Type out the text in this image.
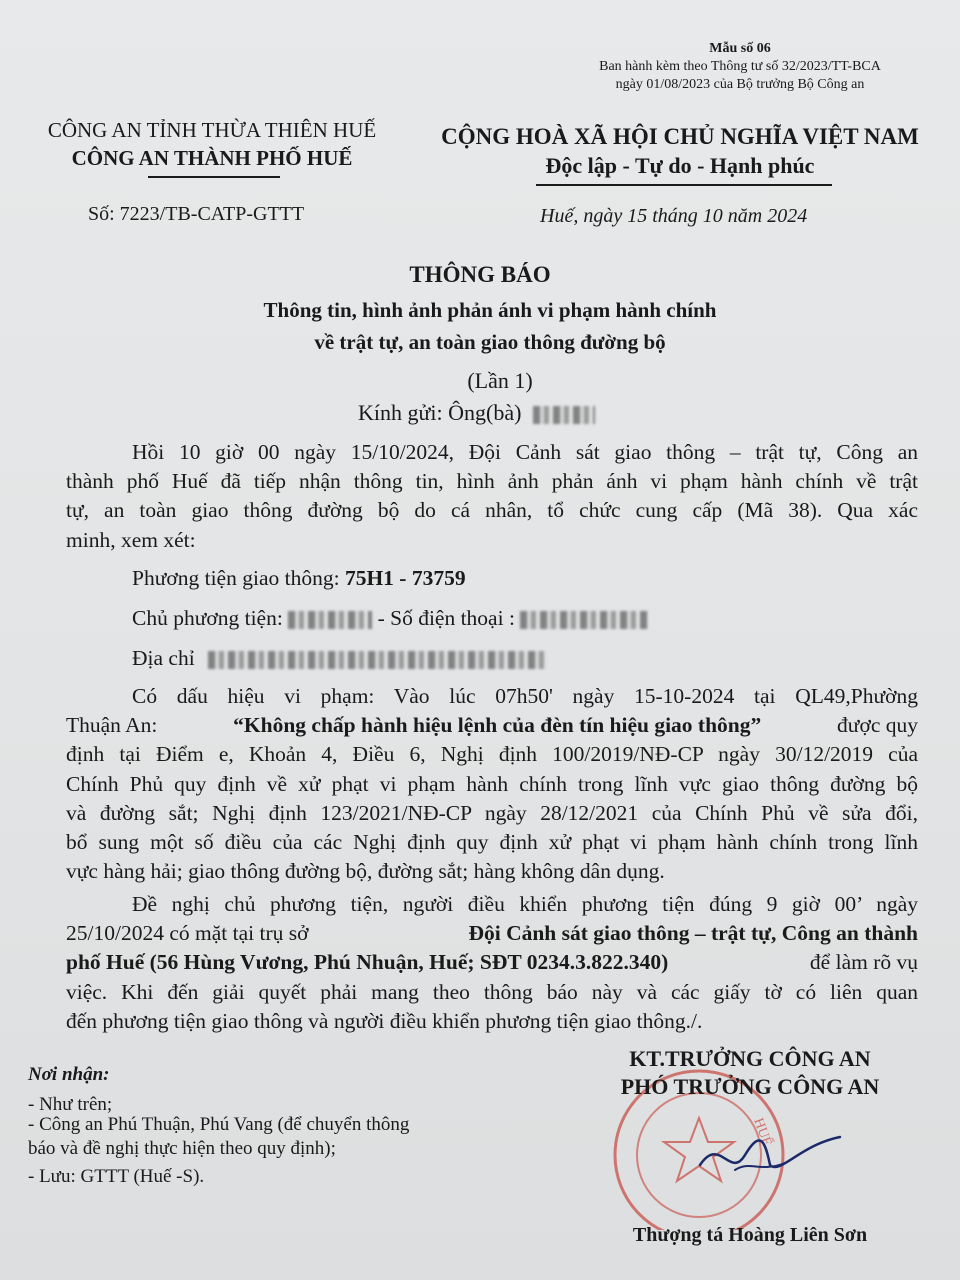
Mẫu số 06
Ban hành kèm theo Thông tư số 32/2023/TT-BCA
ngày 01/08/2023 của Bộ trưởng Bộ Công an
CÔNG AN TỈNH THỪA THIÊN HUẾ
CÔNG AN THÀNH PHỐ HUẾ
CỘNG HOÀ XÃ HỘI CHỦ NGHĨA VIỆT NAM
Độc lập - Tự do - Hạnh phúc
Số: 7223/TB-CATP-GTTT	Huế, ngày 15 tháng 10 năm 2024
THÔNG BÁO
Thông tin, hình ảnh phản ánh vi phạm hành chính
về trật tự, an toàn giao thông đường bộ
(Lần 1)
Kính gửi: Ông(bà)
Hồi 10 giờ 00 ngày 15/10/2024, Đội Cảnh sát giao thông – trật tự, Công an
thành phố Huế đã tiếp nhận thông tin, hình ảnh phản ánh vi phạm hành chính về trật
tự, an toàn giao thông đường bộ do cá nhân, tổ chức cung cấp (Mã 38). Qua xác
minh, xem xét:
Phương tiện giao thông: 75H1 - 73759
Chủ phương tiện:	- Số điện thoại :
Địa chỉ
Có dấu hiệu vi phạm: Vào lúc 07h50' ngày 15-10-2024 tại QL49,Phường
Thuận An:	“Không chấp hành hiệu lệnh của đèn tín hiệu giao thông”	được quy
định tại Điểm e, Khoản 4, Điều 6, Nghị định 100/2019/NĐ-CP ngày 30/12/2019 của
Chính Phủ quy định về xử phạt vi phạm hành chính trong lĩnh vực giao thông đường bộ
và đường sắt; Nghị định 123/2021/NĐ-CP ngày 28/12/2021 của Chính Phủ về sửa đổi,
bổ sung một số điều của các Nghị định quy định xử phạt vi phạm hành chính trong lĩnh
vực hàng hải; giao thông đường bộ, đường sắt; hàng không dân dụng.
Đề nghị chủ phương tiện, người điều khiển phương tiện đúng 9 giờ 00’ ngày
25/10/2024 có mặt tại trụ sở	Đội Cảnh sát giao thông – trật tự, Công an thành
phố Huế (56 Hùng Vương, Phú Nhuận, Huế; SĐT 0234.3.822.340)	để làm rõ vụ
việc. Khi đến giải quyết phải mang theo thông báo này và các giấy tờ có liên quan
đến phương tiện giao thông và người điều khiển phương tiện giao thông./.
Nơi nhận:
- Như trên;
- Công an Phú Thuận, Phú Vang (để chuyển thông
báo và đề nghị thực hiện theo quy định);
- Lưu: GTTT (Huế -S).
HUẾ
KT.TRƯỞNG CÔNG AN
PHÓ TRƯỞNG CÔNG AN
Thượng tá Hoàng Liên Sơn
